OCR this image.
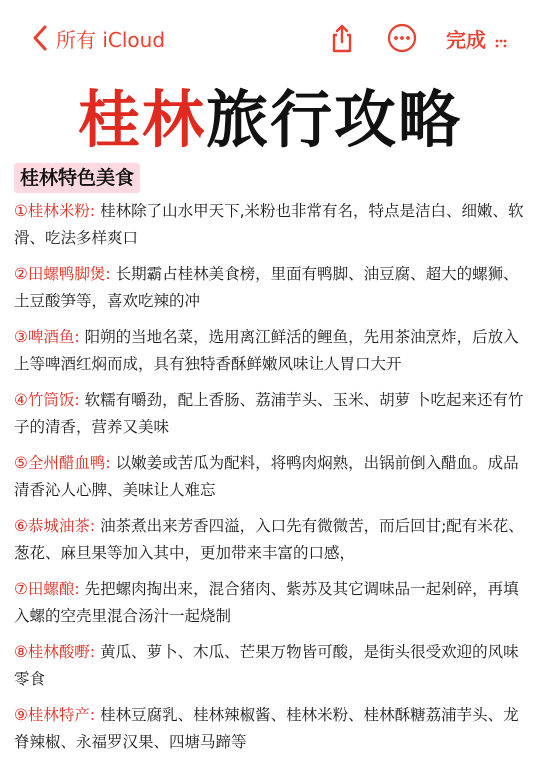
所有 iCloud	完成
桂林旅行攻略
桂林特色美食
①桂林米粉: 桂林除了山水甲天下,米粉也非常有名，特点是洁白、细嫩、软滑、吃法多样爽口
②田螺鸭脚煲: 长期霸占桂林美食榜，里面有鸭脚、油豆腐、超大的螺狮、土豆酸笋等，喜欢吃辣的冲
③啤酒鱼: 阳朔的当地名菜，选用离江鲜活的鲤鱼，先用茶油烹炸，后放入上等啤酒红焖而成，具有独特香酥鲜嫩风味让人胃口大开
④竹筒饭: 软糯有嚼劲，配上香肠、荔浦芋头、玉米、胡萝 卜吃起来还有竹子的清香，营养又美味
⑤全州醋血鸭: 以嫩姜或苦瓜为配料，将鸭肉焖熟，出锅前倒入醋血。成品清香沁人心脾、美味让人难忘
⑥恭城油茶: 油茶煮出来芳香四溢，入口先有微微苦，而后回甘;配有米花、葱花、麻旦果等加入其中，更加带来丰富的口感，
⑦田螺酿: 先把螺肉掏出来，混合猪肉、紫苏及其它调味品一起剁碎，再填入螺的空壳里混合汤汁一起烧制
⑧桂林酸嘢: 黄瓜、萝卜、木瓜、芒果万物皆可酸，是街头很受欢迎的风味零食
⑨桂林特产: 桂林豆腐乳、桂林辣椒酱、桂林米粉、桂林酥糖荔浦芋头、龙脊辣椒、永福罗汉果、四塘马蹄等
